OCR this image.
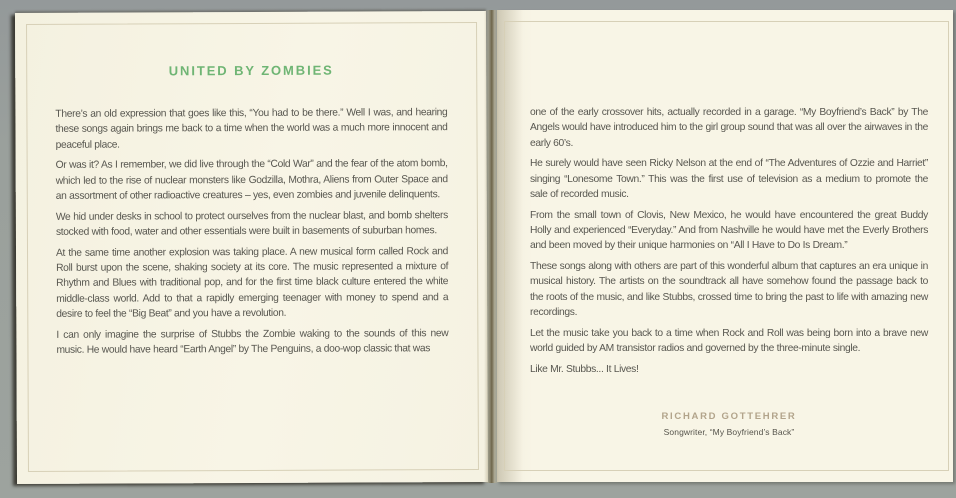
UNITED BY ZOMBIES

There’s an old expression that goes like this, “You had to be there.” Well I was, and hearing these songs again brings me back to a time when the world was a much more innocent and peaceful place.

Or was it? As I remember, we did live through the “Cold War” and the fear of the atom bomb, which led to the rise of nuclear monsters like Godzilla, Mothra, Aliens from Outer Space and an assortment of other radioactive creatures – yes, even zombies and juvenile delinquents.

We hid under desks in school to protect ourselves from the nuclear blast, and bomb shelters stocked with food, water and other essentials were built in basements of suburban homes.

At the same time another explosion was taking place. A new musical form called Rock and Roll burst upon the scene, shaking society at its core. The music represented a mixture of Rhythm and Blues with traditional pop, and for the first time black culture entered the white middle-class world. Add to that a rapidly emerging teenager with money to spend and a desire to feel the “Big Beat” and you have a revolution.

I can only imagine the surprise of Stubbs the Zombie waking to the sounds of this new music. He would have heard “Earth Angel” by The Penguins, a doo-wop classic that was

one of the early crossover hits, actually recorded in a garage. “My Boyfriend’s Back” by The Angels would have introduced him to the girl group sound that was all over the airwaves in the early 60’s.

He surely would have seen Ricky Nelson at the end of “The Adventures of Ozzie and Harriet” singing “Lonesome Town.” This was the first use of television as a medium to promote the sale of recorded music.

From the small town of Clovis, New Mexico, he would have encountered the great Buddy Holly and experienced “Everyday.” And from Nashville he would have met the Everly Brothers and been moved by their unique harmonies on “All I Have to Do Is Dream.”

These songs along with others are part of this wonderful album that captures an era unique in musical history. The artists on the soundtrack all have somehow found the passage back to the roots of the music, and like Stubbs, crossed time to bring the past to life with amazing new recordings.

Let the music take you back to a time when Rock and Roll was being born into a brave new world guided by AM transistor radios and governed by the three-minute single.

Like Mr. Stubbs... It Lives!

RICHARD GOTTEHRER
Songwriter, “My Boyfriend’s Back”
